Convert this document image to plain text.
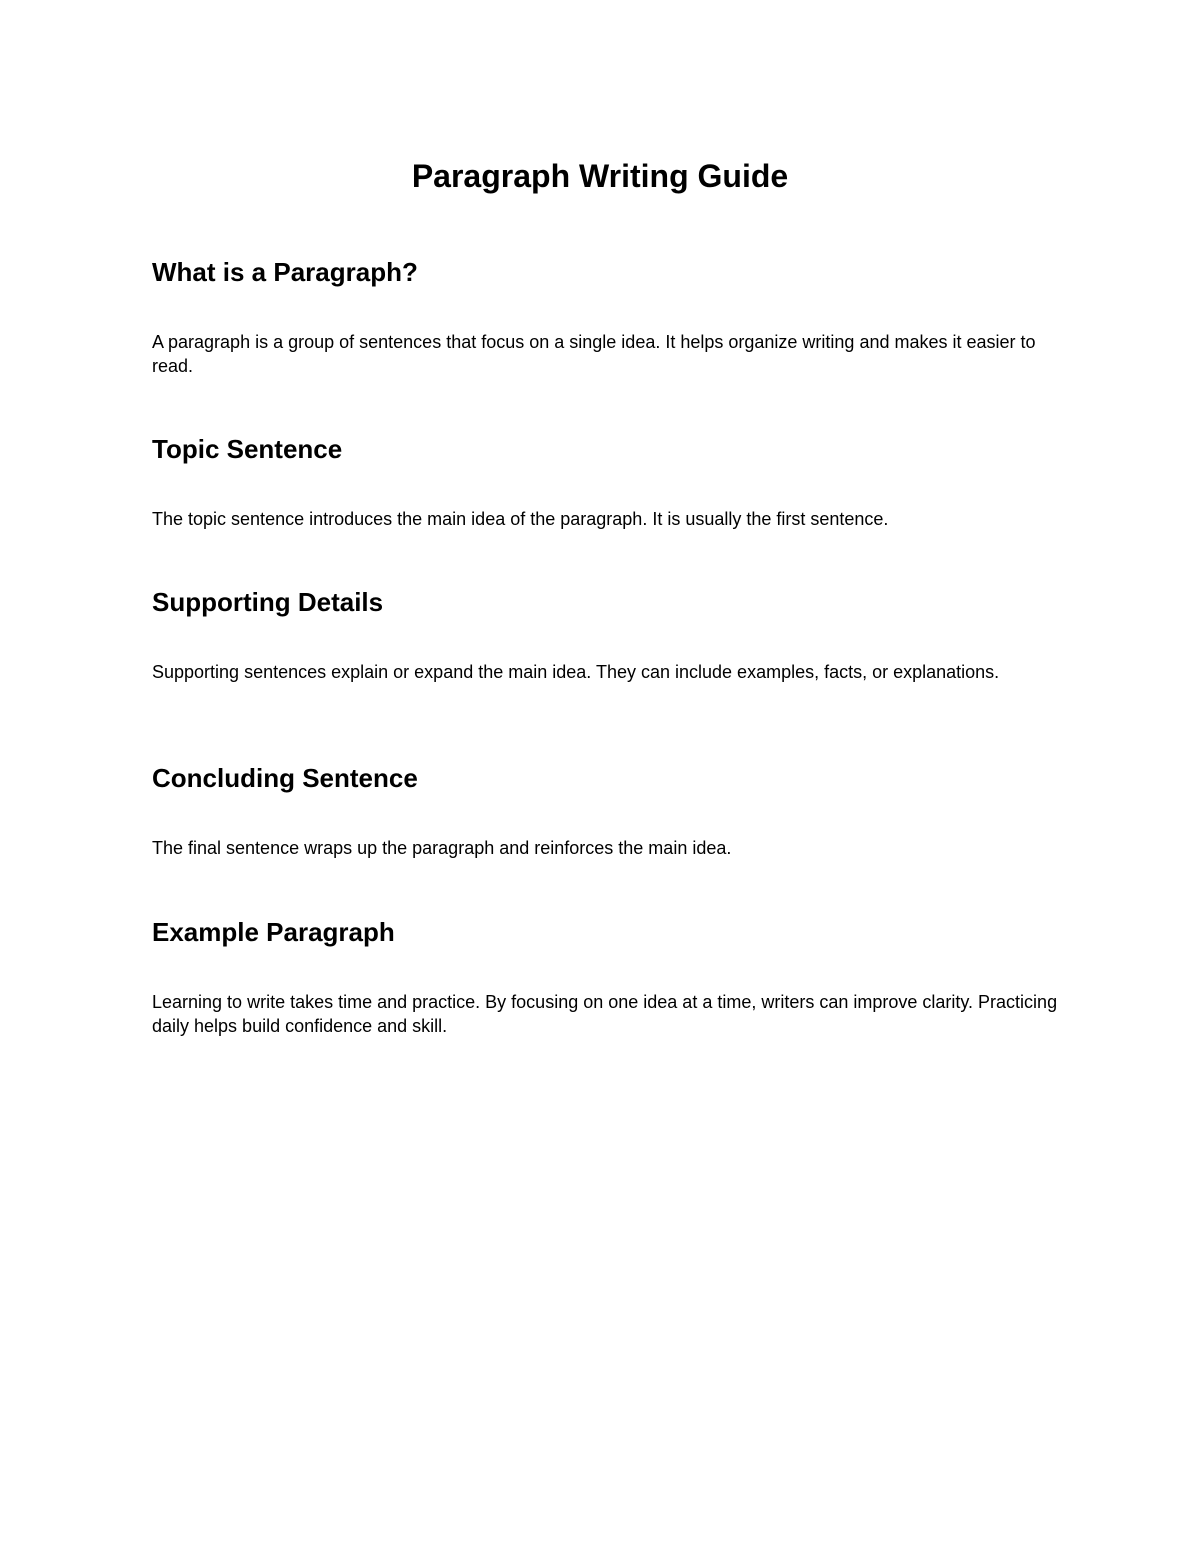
Paragraph Writing Guide
What is a Paragraph?

A paragraph is a group of sentences that focus on a single idea. It helps organize writing and makes it easier to read.

Topic Sentence

The topic sentence introduces the main idea of the paragraph. It is usually the first sentence.

Supporting Details

Supporting sentences explain or expand the main idea. They can include examples, facts, or explanations.

Concluding Sentence

The final sentence wraps up the paragraph and reinforces the main idea.

Example Paragraph

Learning to write takes time and practice. By focusing on one idea at a time, writers can improve clarity. Practicing daily helps build confidence and skill.
